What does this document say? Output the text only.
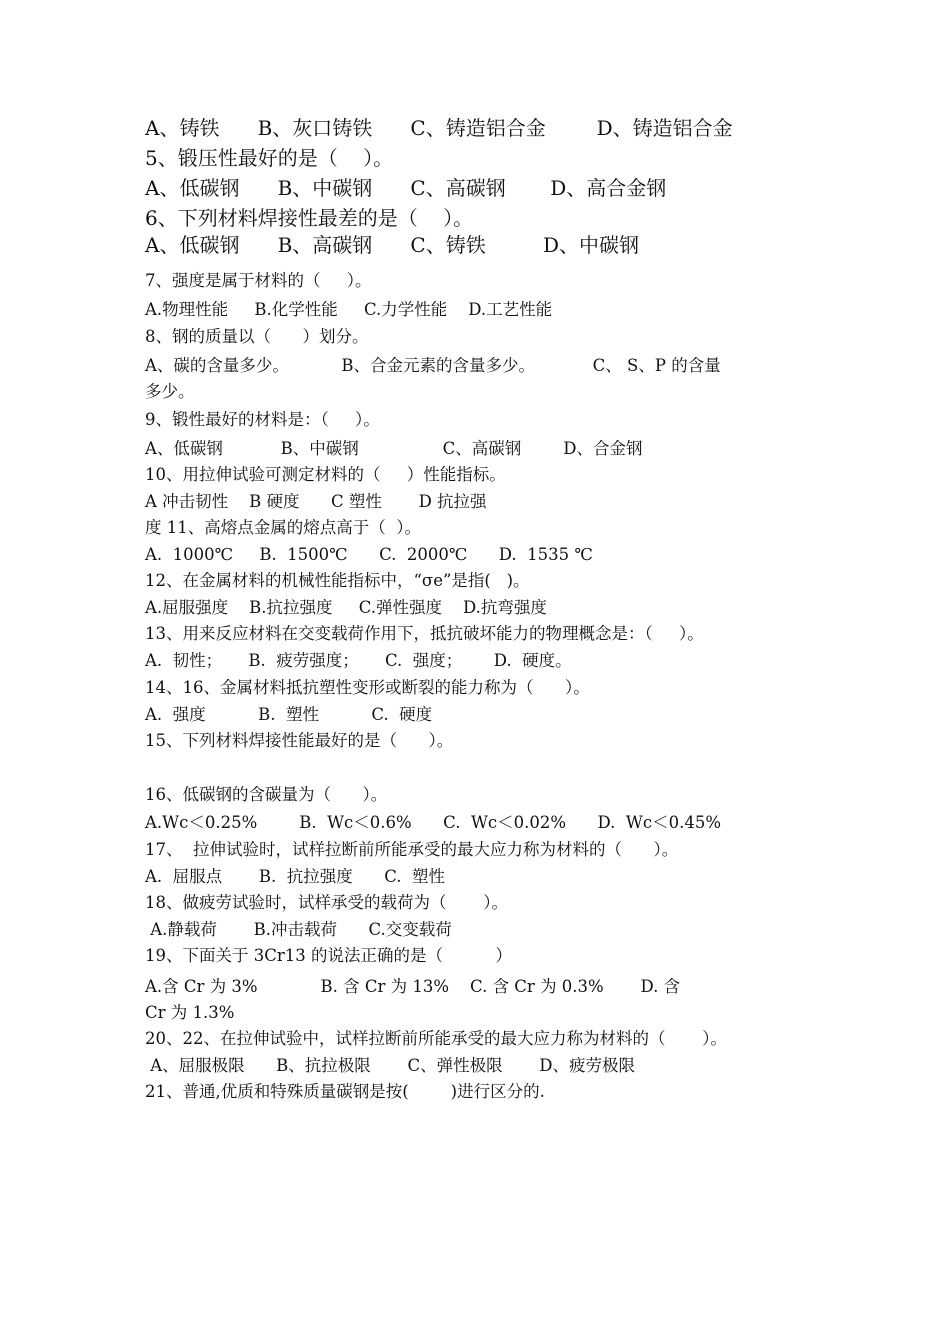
A、铸铁      B、灰口铸铁      C、铸造铝合金        D、铸造铝合金
5、锻压性最好的是（    ）。
A、低碳钢      B、中碳钢      C、高碳钢       D、高合金钢
6、下列材料焊接性最差的是（    ）。
A、低碳钢      B、高碳钢      C、铸铁         D、中碳钢
7、强度是属于材料的（     ）。
A.物理性能     B.化学性能     C.力学性能    D.工艺性能
8、钢的质量以（      ）划分。
A、碳的含量多少。          B、合金元素的含量多少。           C、 S、P 的含量
多少。
9、锻性最好的材料是：（     ）。
A、低碳钢           B、中碳钢                C、高碳钢        D、合金钢
10、用拉伸试验可测定材料的（     ）性能指标。
A 冲击韧性    B 硬度      C 塑性       D 抗拉强
度 11、高熔点金属的熔点高于（  ）。
A.  1000℃     B.  1500℃      C.  2000℃      D.  1535 ℃
12、在金属材料的机械性能指标中，“σe”是指(   )。
A.屈服强度    B.抗拉强度     C.弹性强度    D.抗弯强度
13、用来反应材料在交变载荷作用下，抵抗破坏能力的物理概念是：（     ）。
A.  韧性；     B.  疲劳强度；     C.  强度；      D.  硬度。
14、16、金属材料抵抗塑性变形或断裂的能力称为（      ）。
A.  强度          B.  塑性          C.  硬度
15、下列材料焊接性能最好的是（      ）。
16、低碳钢的含碳量为（      ）。
A.Wc＜0.25%        B.  Wc＜0.6%      C.  Wc＜0.02%      D.  Wc＜0.45%
17、  拉伸试验时，试样拉断前所能承受的最大应力称为材料的（      ）。
A.  屈服点       B.  抗拉强度      C.  塑性
18、做疲劳试验时，试样承受的载荷为（       ）。
A.静载荷       B.冲击载荷      C.交变载荷
19、下面关于 3Cr13 的说法正确的是（          ）
A.含 Cr 为 3%            B. 含 Cr 为 13%    C. 含 Cr 为 0.3%       D. 含
Cr 为 1.3%
20、22、在拉伸试验中，试样拉断前所能承受的最大应力称为材料的（       ）。
A、屈服极限      B、抗拉极限       C、弹性极限       D、疲劳极限
21、普通,优质和特殊质量碳钢是按(        )进行区分的.
